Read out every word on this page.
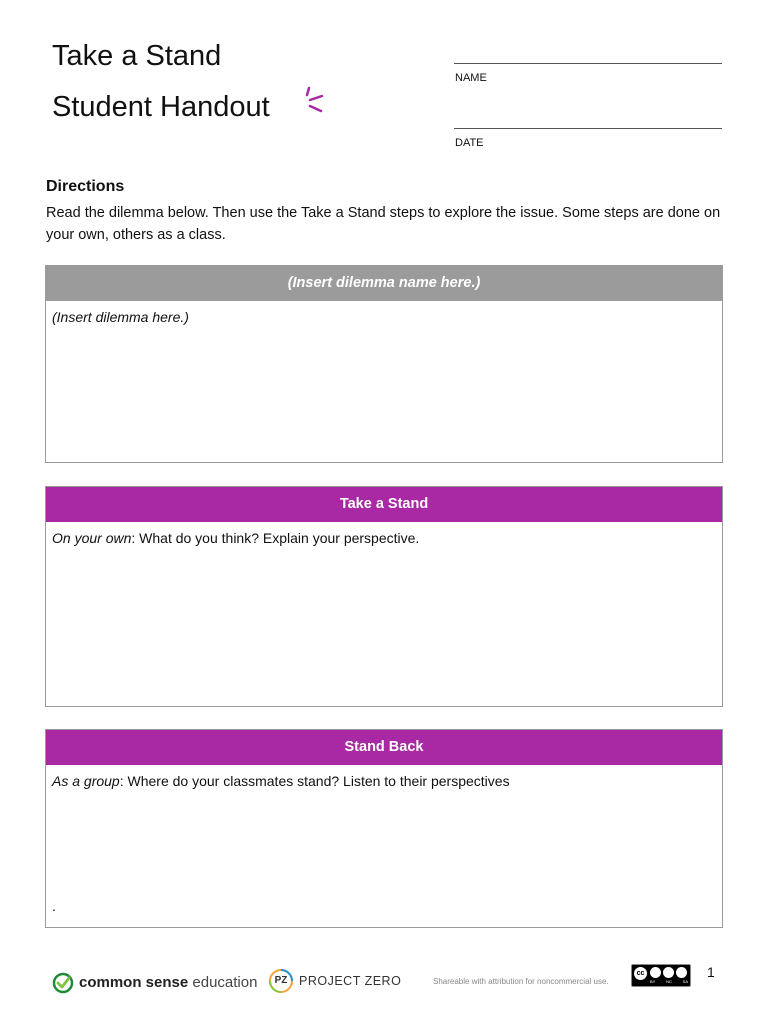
Take a Stand
Student Handout
NAME
DATE
Directions
Read the dilemma below. Then use the Take a Stand steps to explore the issue. Some steps are done on your own, others as a class.
(Insert dilemma name here.)
(Insert dilemma here.)
Take a Stand
On your own: What do you think? Explain your perspective.
Stand Back
As a group: Where do your classmates stand? Listen to their perspectives
.
common sense education	PZ PROJECT ZERO	Shareable with attribution for noncommercial use.
cc
BY	NC	SA
1
